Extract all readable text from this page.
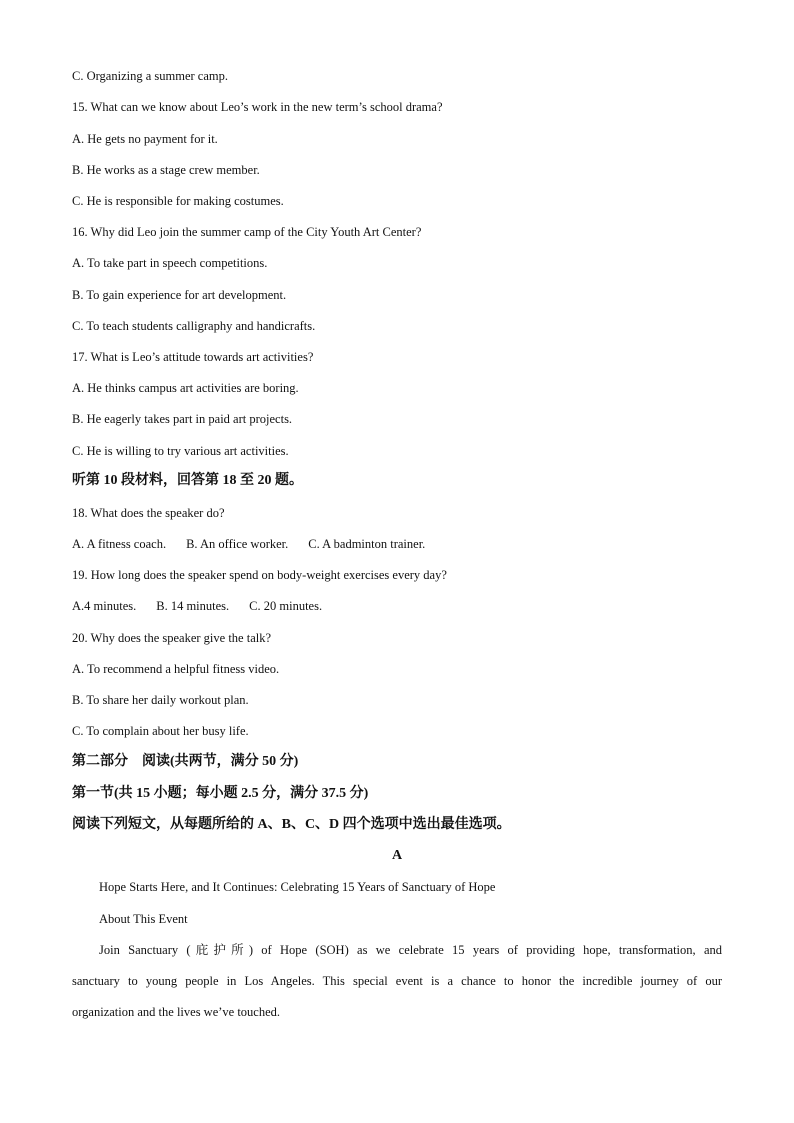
C. Organizing a summer camp.
15. What can we know about Leo’s work in the new term’s school drama?
A. He gets no payment for it.
B. He works as a stage crew member.
C. He is responsible for making costumes.
16. Why did Leo join the summer camp of the City Youth Art Center?
A. To take part in speech competitions.
B. To gain experience for art development.
C. To teach students calligraphy and handicrafts.
17. What is Leo’s attitude towards art activities?
A. He thinks campus art activities are boring.
B. He eagerly takes part in paid art projects.
C. He is willing to try various art activities.
听第 10 段材料，回答第 18 至 20 题。
18. What does the speaker do?
A. A fitness coach. B. An office worker. C. A badminton trainer.
19. How long does the speaker spend on body-weight exercises every day?
A.4 minutes. B. 14 minutes. C. 20 minutes.
20. Why does the speaker give the talk?
A. To recommend a helpful fitness video.
B. To share her daily workout plan.
C. To complain about her busy life.
第二部分　阅读(共两节，满分 50 分)
第一节(共 15 小题；每小题 2.5 分，满分 37.5 分)
阅读下列短文，从每题所给的 A、B、C、D 四个选项中选出最佳选项。
A
Hope Starts Here, and It Continues: Celebrating 15 Years of Sanctuary of Hope
About This Event
Join Sanctuary (庇护所) of Hope (SOH) as we celebrate 15 years of providing hope, transformation, and
sanctuary to young people in Los Angeles. This special event is a chance to honor the incredible journey of our
organization and the lives we’ve touched.
